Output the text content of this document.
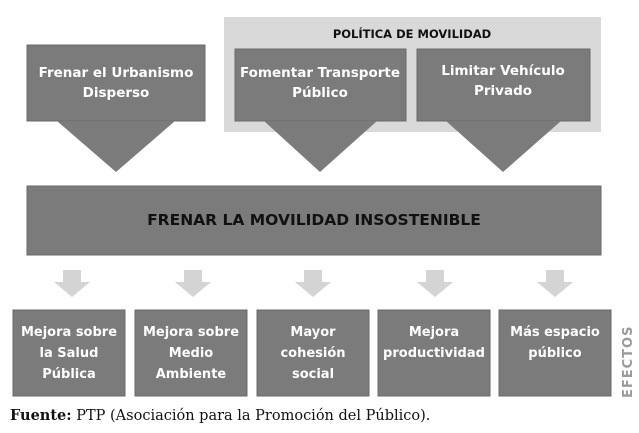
POLÍTICA DE MOVILIDAD
Frenar el Urbanismo
Disperso
Fomentar Transporte
Público
Limitar Vehículo
Privado
FRENAR LA MOVILIDAD INSOSTENIBLE
Mejora sobre
la Salud
Pública
Mejora sobre
Medio
Ambiente
Mayor
cohesión
social
Mejora
productividad
Más espacio
público	EFECTOS
Fuente: PTP (Asociación para la Promoción del Público).
